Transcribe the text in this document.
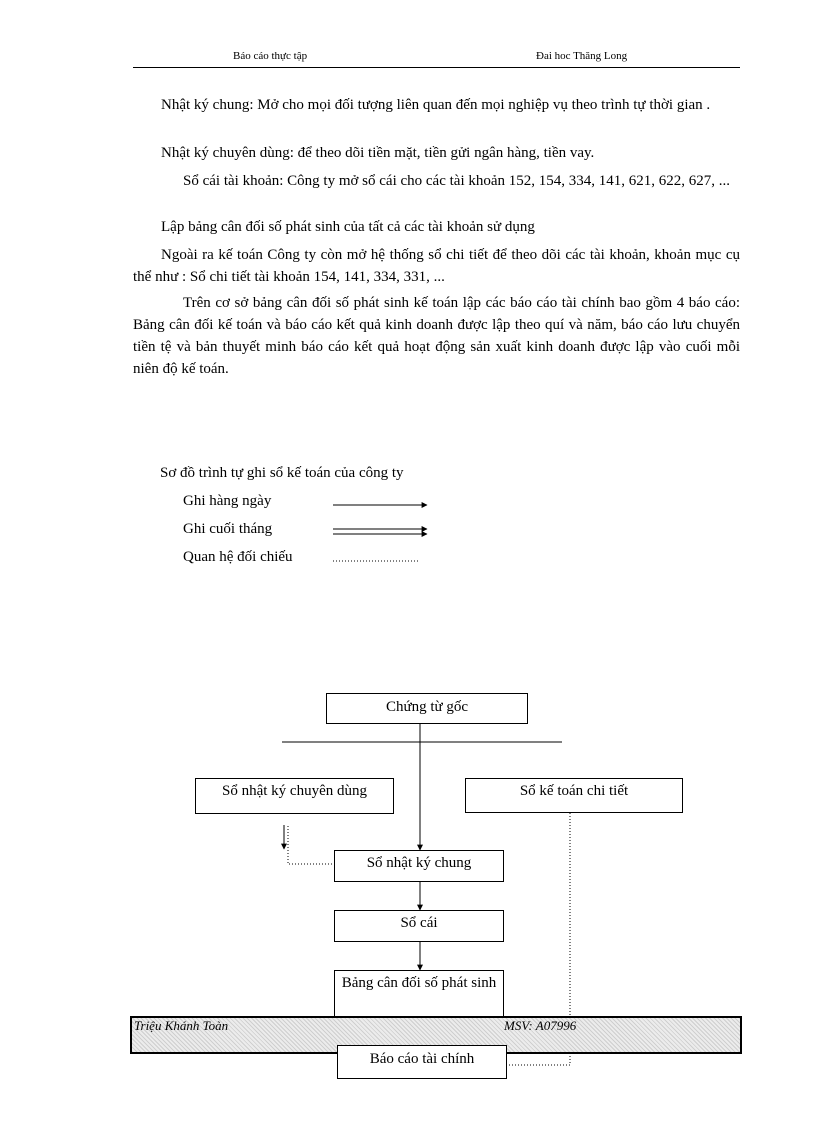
Báo cáo thực tập	Đai hoc Thăng Long

Nhật ký chung: Mở cho mọi đối tượng liên quan đến mọi nghiệp vụ theo trình tự thời gian .

Nhật ký chuyên dùng: để theo dõi tiền mặt, tiền gửi ngân hàng, tiền vay.

Sổ cái tài khoản: Công ty mở sổ cái cho các tài khoản 152, 154, 334, 141, 621, 622, 627, ...

Lập bảng cân đối số phát sinh của tất cả các tài khoản sử dụng

Ngoài ra kế toán Công ty còn mở hệ thống sổ chi tiết để theo dõi các tài khoản, khoản mục cụ thể như : Sổ chi tiết tài khoản 154, 141, 334, 331, ...

Trên cơ sở bảng cân đối số phát sinh kế toán lập các báo cáo tài chính bao gồm 4 báo cáo: Bảng cân đối kế toán và báo cáo kết quả kinh doanh được lập theo quí và năm, báo cáo lưu chuyển tiền tệ và bản thuyết minh báo cáo kết quả hoạt động sản xuất kinh doanh được lập vào cuối mỗi niên độ kế toán.

Sơ đồ trình tự ghi sổ kế toán của công ty
Ghi hàng ngày
Ghi cuối tháng
Quan hệ đối chiếu
Chứng từ gốc
Sổ nhật ký chuyên dùng	Sổ kế toán chi tiết
Sổ nhật ký chung
Sổ cái
Bảng cân đối số phát sinh
Triệu Khánh Toàn	MSV: A07996
Báo cáo tài chính
